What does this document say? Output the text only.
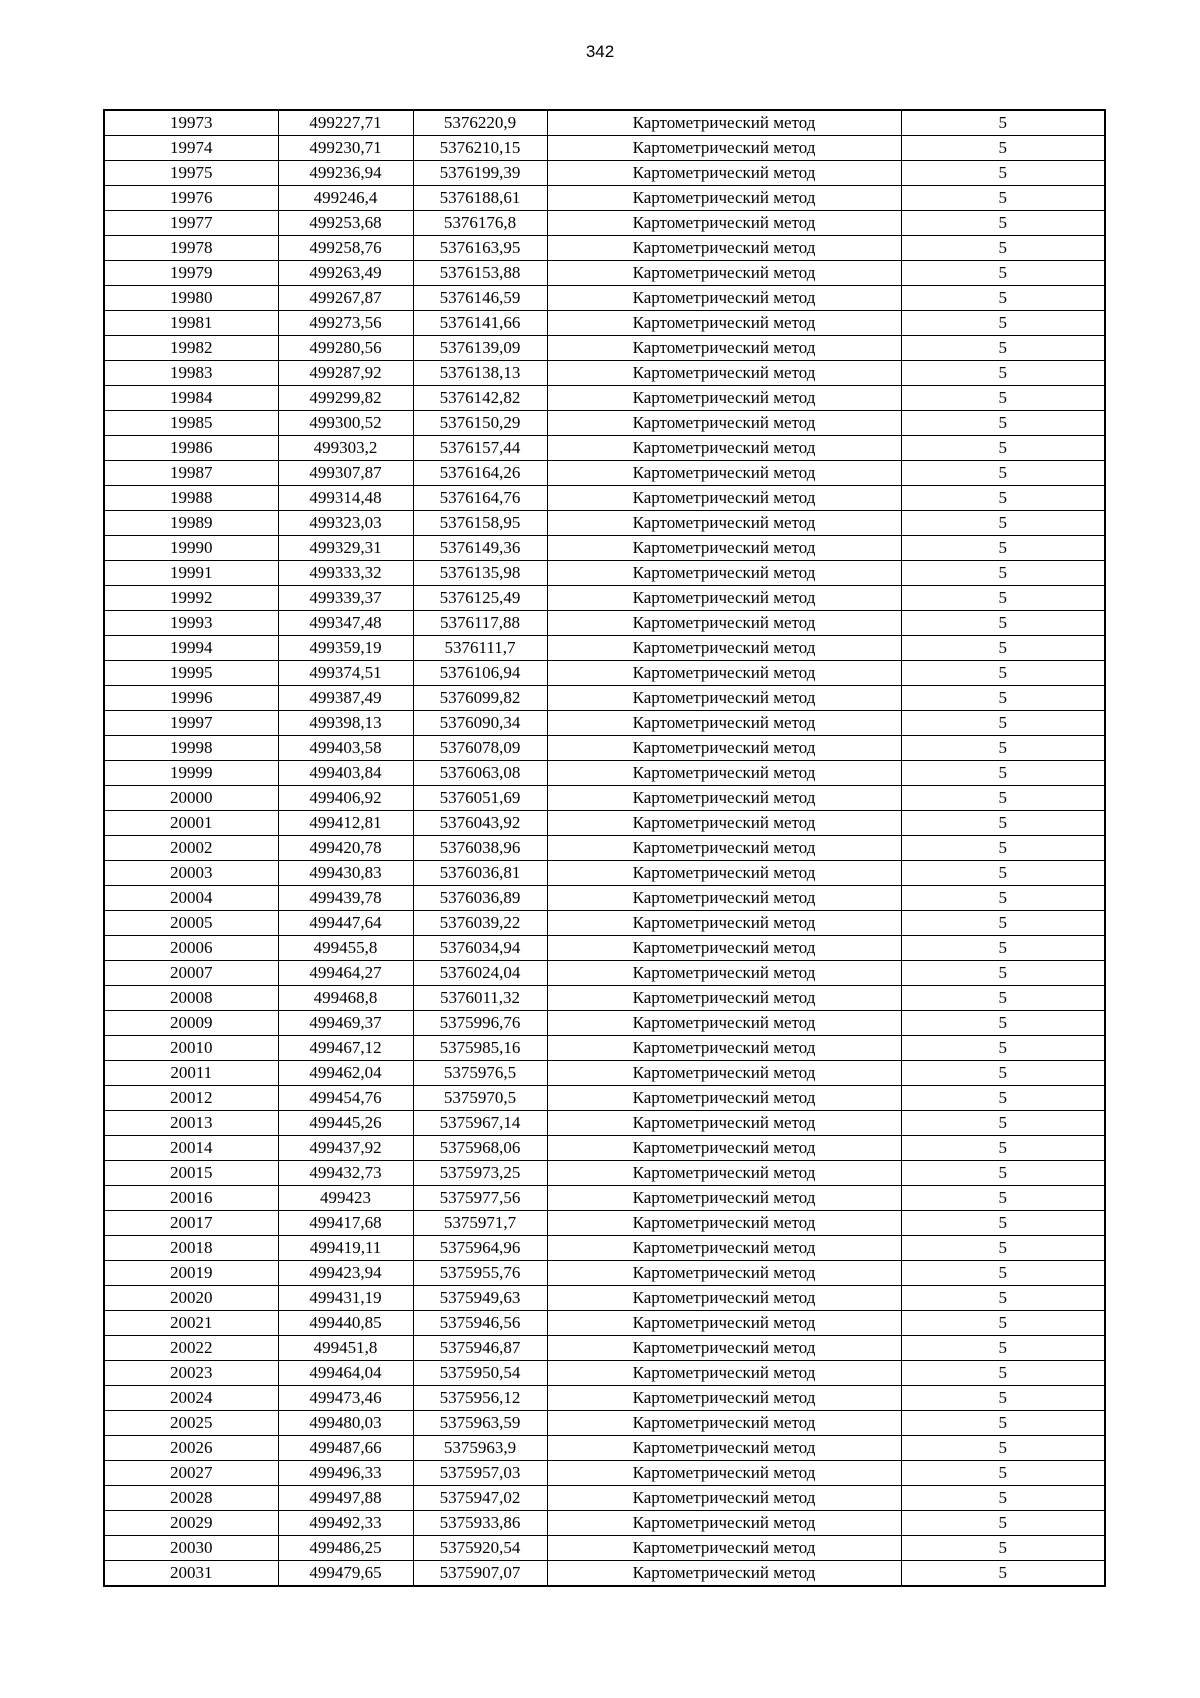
342
19973	499227,71	5376220,9	Картометрический метод	5
19974	499230,71	5376210,15	Картометрический метод	5
19975	499236,94	5376199,39	Картометрический метод	5
19976	499246,4	5376188,61	Картометрический метод	5
19977	499253,68	5376176,8	Картометрический метод	5
19978	499258,76	5376163,95	Картометрический метод	5
19979	499263,49	5376153,88	Картометрический метод	5
19980	499267,87	5376146,59	Картометрический метод	5
19981	499273,56	5376141,66	Картометрический метод	5
19982	499280,56	5376139,09	Картометрический метод	5
19983	499287,92	5376138,13	Картометрический метод	5
19984	499299,82	5376142,82	Картометрический метод	5
19985	499300,52	5376150,29	Картометрический метод	5
19986	499303,2	5376157,44	Картометрический метод	5
19987	499307,87	5376164,26	Картометрический метод	5
19988	499314,48	5376164,76	Картометрический метод	5
19989	499323,03	5376158,95	Картометрический метод	5
19990	499329,31	5376149,36	Картометрический метод	5
19991	499333,32	5376135,98	Картометрический метод	5
19992	499339,37	5376125,49	Картометрический метод	5
19993	499347,48	5376117,88	Картометрический метод	5
19994	499359,19	5376111,7	Картометрический метод	5
19995	499374,51	5376106,94	Картометрический метод	5
19996	499387,49	5376099,82	Картометрический метод	5
19997	499398,13	5376090,34	Картометрический метод	5
19998	499403,58	5376078,09	Картометрический метод	5
19999	499403,84	5376063,08	Картометрический метод	5
20000	499406,92	5376051,69	Картометрический метод	5
20001	499412,81	5376043,92	Картометрический метод	5
20002	499420,78	5376038,96	Картометрический метод	5
20003	499430,83	5376036,81	Картометрический метод	5
20004	499439,78	5376036,89	Картометрический метод	5
20005	499447,64	5376039,22	Картометрический метод	5
20006	499455,8	5376034,94	Картометрический метод	5
20007	499464,27	5376024,04	Картометрический метод	5
20008	499468,8	5376011,32	Картометрический метод	5
20009	499469,37	5375996,76	Картометрический метод	5
20010	499467,12	5375985,16	Картометрический метод	5
20011	499462,04	5375976,5	Картометрический метод	5
20012	499454,76	5375970,5	Картометрический метод	5
20013	499445,26	5375967,14	Картометрический метод	5
20014	499437,92	5375968,06	Картометрический метод	5
20015	499432,73	5375973,25	Картометрический метод	5
20016	499423	5375977,56	Картометрический метод	5
20017	499417,68	5375971,7	Картометрический метод	5
20018	499419,11	5375964,96	Картометрический метод	5
20019	499423,94	5375955,76	Картометрический метод	5
20020	499431,19	5375949,63	Картометрический метод	5
20021	499440,85	5375946,56	Картометрический метод	5
20022	499451,8	5375946,87	Картометрический метод	5
20023	499464,04	5375950,54	Картометрический метод	5
20024	499473,46	5375956,12	Картометрический метод	5
20025	499480,03	5375963,59	Картометрический метод	5
20026	499487,66	5375963,9	Картометрический метод	5
20027	499496,33	5375957,03	Картометрический метод	5
20028	499497,88	5375947,02	Картометрический метод	5
20029	499492,33	5375933,86	Картометрический метод	5
20030	499486,25	5375920,54	Картометрический метод	5
20031	499479,65	5375907,07	Картометрический метод	5
